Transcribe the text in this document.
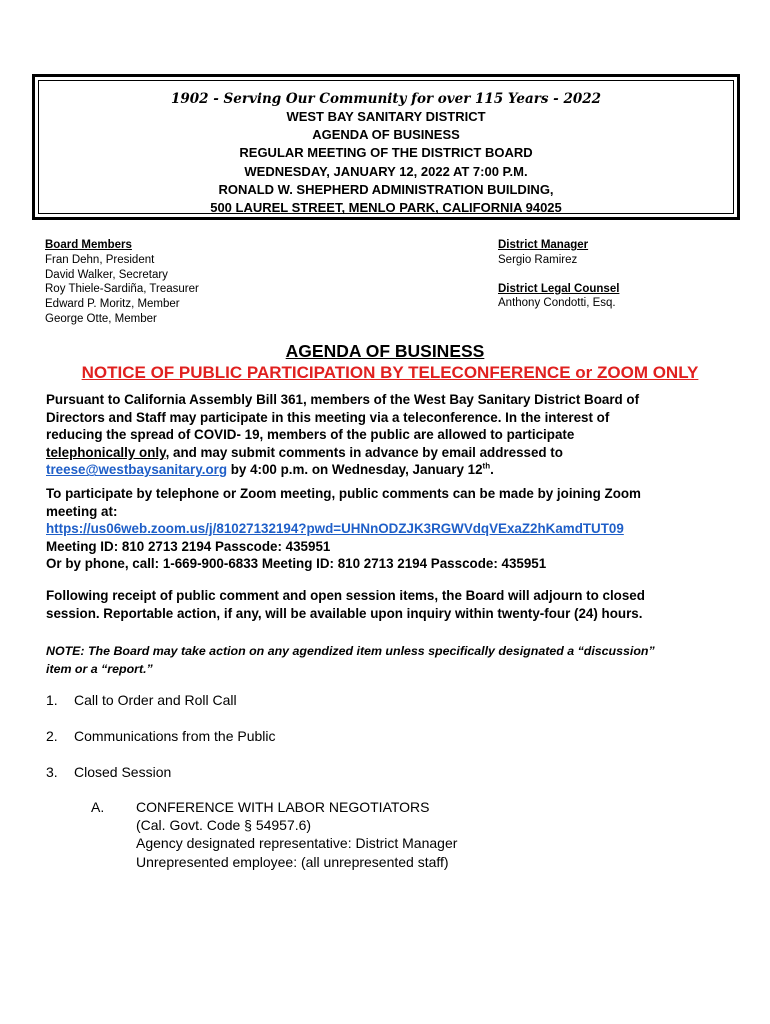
1902 - Serving Our Community for over 115 Years - 2022
WEST BAY SANITARY DISTRICT
AGENDA OF BUSINESS
REGULAR MEETING OF THE DISTRICT BOARD
WEDNESDAY, JANUARY 12, 2022 AT 7:00 P.M.
RONALD W. SHEPHERD ADMINISTRATION BUILDING,
500 LAUREL STREET, MENLO PARK, CALIFORNIA 94025
Board Members
Fran Dehn, President
David Walker, Secretary
Roy Thiele-Sardiña, Treasurer
Edward P. Moritz, Member
George Otte, Member
District Manager
Sergio Ramirez
District Legal Counsel
Anthony Condotti, Esq.
AGENDA OF BUSINESS
NOTICE OF PUBLIC PARTICIPATION BY TELECONFERENCE or ZOOM ONLY
Pursuant to California Assembly Bill 361, members of the West Bay Sanitary District Board of
Directors and Staff may participate in this meeting via a teleconference. In the interest of
reducing the spread of COVID- 19, members of the public are allowed to participate
telephonically only, and may submit comments in advance by email addressed to
treese@westbaysanitary.org by 4:00 p.m. on Wednesday, January 12th.
To participate by telephone or Zoom meeting, public comments can be made by joining Zoom
meeting at:
https://us06web.zoom.us/j/81027132194?pwd=UHNnODZJK3RGWVdqVExaZ2hKamdTUT09
Meeting ID: 810 2713 2194 Passcode: 435951
Or by phone, call: 1-669-900-6833 Meeting ID: 810 2713 2194 Passcode: 435951
Following receipt of public comment and open session items, the Board will adjourn to closed
session. Reportable action, if any, will be available upon inquiry within twenty-four (24) hours.
NOTE: The Board may take action on any agendized item unless specifically designated a “discussion”
item or a “report.”
1. Call to Order and Roll Call
2. Communications from the Public
3. Closed Session
A. CONFERENCE WITH LABOR NEGOTIATORS
(Cal. Govt. Code § 54957.6)
Agency designated representative: District Manager
Unrepresented employee: (all unrepresented staff)
